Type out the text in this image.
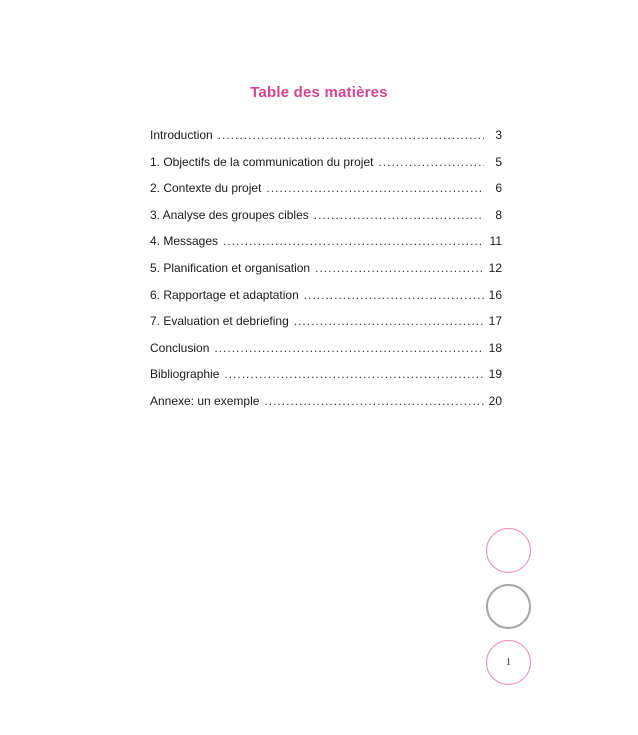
Table des matières
Introduction .....	3
1. Objectifs de la communication du projet .....	5
2. Contexte du projet .....	6
3. Analyse des groupes cibles .....	8
4. Messages .....	11
5. Planification et organisation .....	12
6. Rapportage et adaptation .....	16
7. Evaluation et debriefing .....	17
Conclusion .....	18
Bibliographie .....	19
Annexe: un exemple .....	20
1
